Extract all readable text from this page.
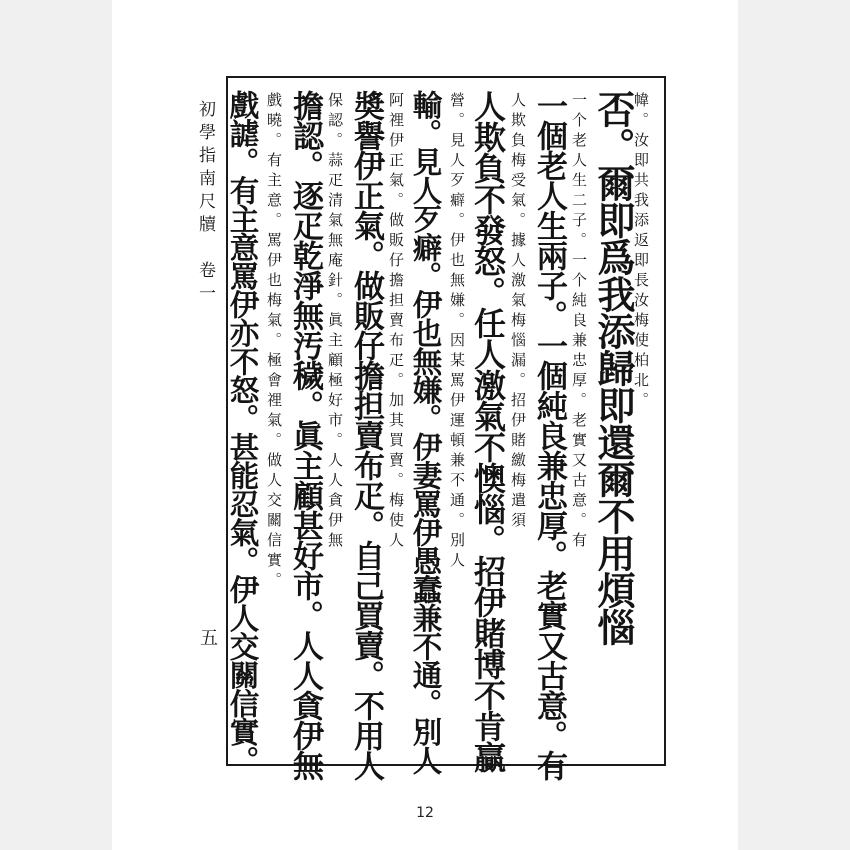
初學指南尺牘　卷一
五
幃。汝即共我添返即長汝梅使柏北。
否。爾即爲我添歸即還爾不用煩惱
一个老人生二子。一个純良兼忠厚。老實又古意。有
一個老人生兩子。一個純良兼忠厚。老實又古意。有
人欺負梅受氣。據人激氣梅惱漏。招伊賭繳梅遣須
人欺負不發怒。任人激氣不懊惱。招伊賭博不肯贏
營。見人歹癖。伊也無嫌。因某罵伊運頓兼不通。別人
輸。見人歹癖。伊也無嫌。伊妻罵伊愚蠢兼不通。別人
阿𥚃伊正氣。做販仔擔担賣布疋。加其買賣。梅使人
奬譽伊正氣。做販仔擔担賣布疋。自己買賣。不用人
保認。蒜疋清氣無庵針。眞主顧極好市。人人貪伊無
擔認。逐疋乾淨無汚穢。眞主顧甚好市。人人貪伊無
戲曉。有主意。罵伊也梅氣。極會𥚃氣。做人交關信實。
戲謔。有主意罵伊亦不怒。甚能忍氣。伊人交關信實。
12
